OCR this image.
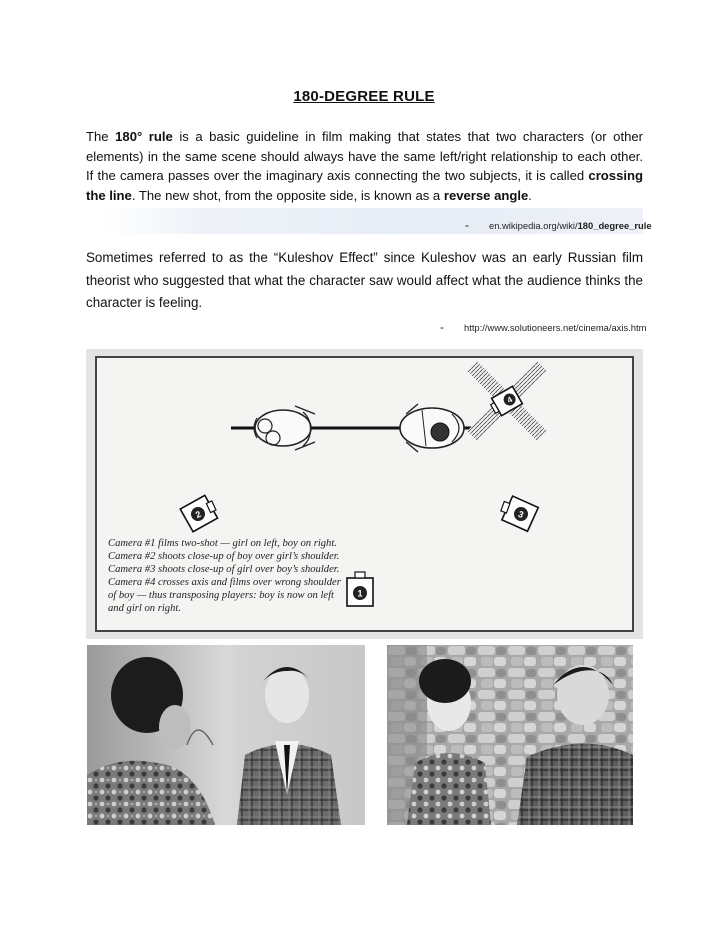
180-DEGREE RULE
The 180° rule is a basic guideline in film making that states that two characters (or other elements) in the same scene should always have the same left/right relationship to each other. If the camera passes over the imaginary axis connecting the two subjects, it is called crossing the line. The new shot, from the opposite side, is known as a reverse angle.
- en.wikipedia.org/wiki/180_degree_rule
Sometimes referred to as the “Kuleshov Effect” since Kuleshov was an early Russian film theorist who suggested that what the character saw would affect what the audience thinks the character is feeling.
- http://www.solutioneers.net/cinema/axis.htm
4
2	3
1
Camera #1 films two-shot — girl on left, boy on right. Camera #2 shoots close-up of boy over girl’s shoulder. Camera #3 shoots close-up of girl over boy’s shoulder. Camera #4 crosses axis and films over wrong shoulder of boy — thus transposing players: boy is now on left and girl on right.
